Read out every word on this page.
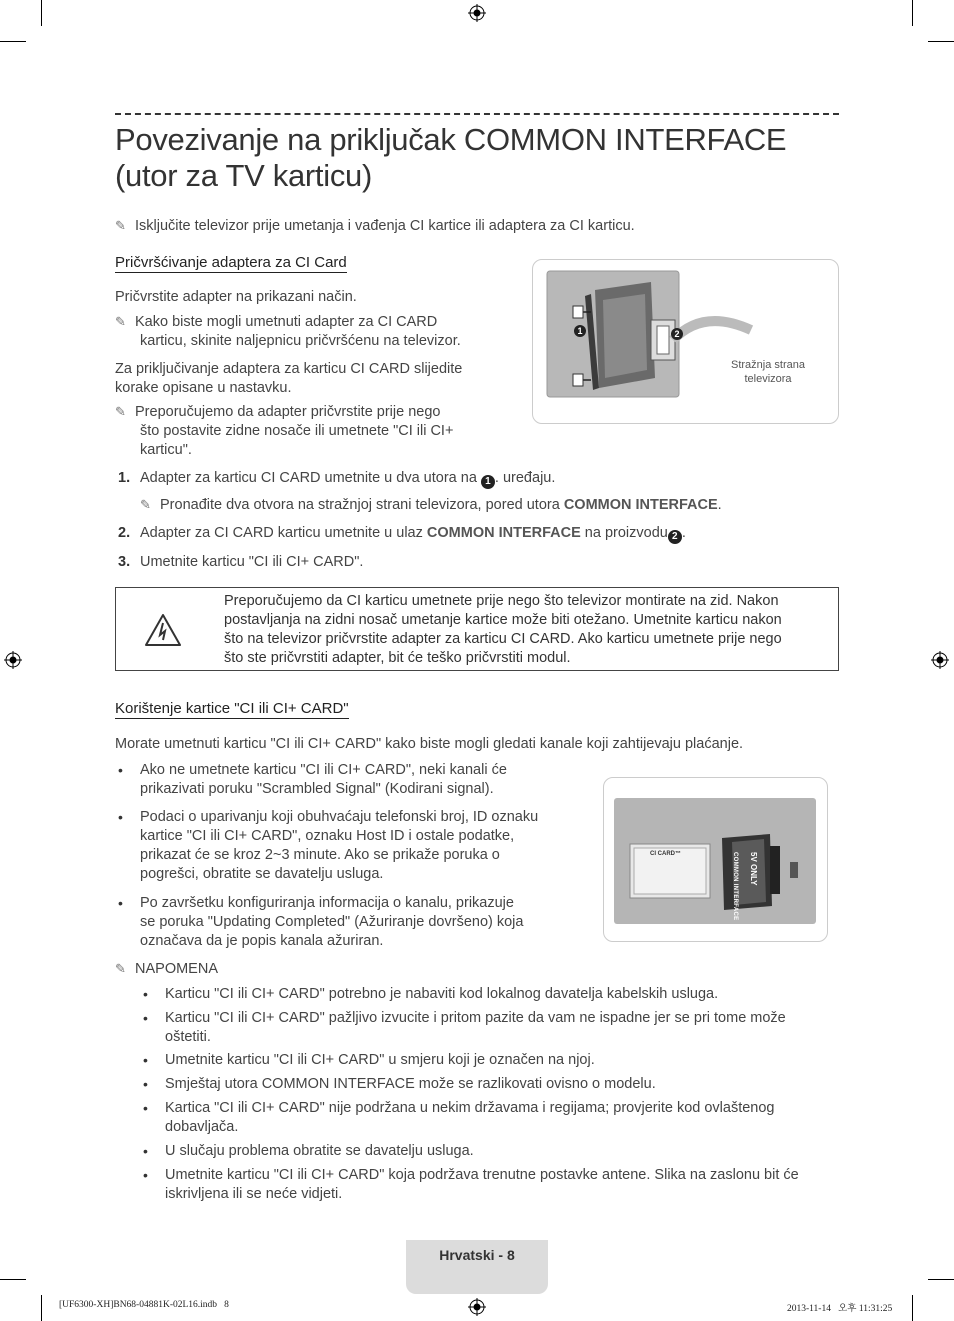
Povezivanje na priključak COMMON INTERFACE
(utor za TV karticu)
✎ Isključite televizor prije umetanja i vađenja CI kartice ili adaptera za CI karticu.
Pričvršćivanje adaptera za CI Card
Pričvrstite adapter na prikazani način.
✎ Kako biste mogli umetnuti adapter za CI CARD
karticu, skinite naljepnicu pričvršćenu na televizor.
Za priključivanje adaptera za karticu CI CARD slijedite
korake opisane u nastavku.
✎ Preporučujemo da adapter pričvrstite prije nego
što postavite zidne nosače ili umetnete "CI ili CI+
karticu".
1	2
Stražnja strana
televizora
1. Adapter za karticu CI CARD umetnite u dva utora na 1 . uređaju.
✎ Pronađite dva otvora na stražnjoj strani televizora, pored utora COMMON INTERFACE.
2. Adapter za CI CARD karticu umetnite u ulaz COMMON INTERFACE na proizvodu 2 .
3. Umetnite karticu "CI ili CI+ CARD".
Preporučujemo da CI karticu umetnete prije nego što televizor montirate na zid. Nakon
postavljanja na zidni nosač umetanje kartice može biti otežano. Umetnite karticu nakon
što na televizor pričvrstite adapter za karticu CI CARD. Ako karticu umetnete prije nego
što ste pričvrstiti adapter, bit će teško pričvrstiti modul.
Korištenje kartice "CI ili CI+ CARD"
Morate umetnuti karticu "CI ili CI+ CARD" kako biste mogli gledati kanale koji zahtijevaju plaćanje.
• Ako ne umetnete karticu "CI ili CI+ CARD", neki kanali će
prikazivati poruku "Scrambled Signal" (Kodirani signal).
• Podaci o uparivanju koji obuhvaćaju telefonski broj, ID oznaku
kartice "CI ili CI+ CARD", oznaku Host ID i ostale podatke,
prikazat će se kroz 2~3 minute. Ako se prikaže poruka o
pogrešci, obratite se davatelju usluga.
• Po završetku konfiguriranja informacija o kanalu, prikazuje
se poruka "Updating Completed" (Ažuriranje dovršeno) koja
označava da je popis kanala ažuriran.
CI CARD™	COMMON INTERFACE 5V ONLY
✎ NAPOMENA
• Karticu "CI ili CI+ CARD" potrebno je nabaviti kod lokalnog davatelja kabelskih usluga.
• Karticu "CI ili CI+ CARD" pažljivo izvucite i pritom pazite da vam ne ispadne jer se pri tome može
oštetiti.
• Umetnite karticu "CI ili CI+ CARD" u smjeru koji je označen na njoj.
• Smještaj utora COMMON INTERFACE može se razlikovati ovisno o modelu.
• Kartica "CI ili CI+ CARD" nije podržana u nekim državama i regijama; provjerite kod ovlaštenog
dobavljača.
• U slučaju problema obratite se davatelju usluga.
• Umetnite karticu "CI ili CI+ CARD" koja podržava trenutne postavke antene. Slika na zaslonu bit će
iskrivljena ili se neće vidjeti.
Hrvatski - 8
[UF6300-XH]BN68-04881K-02L16.indb   8	2013-11-14   오후 11:31:25
